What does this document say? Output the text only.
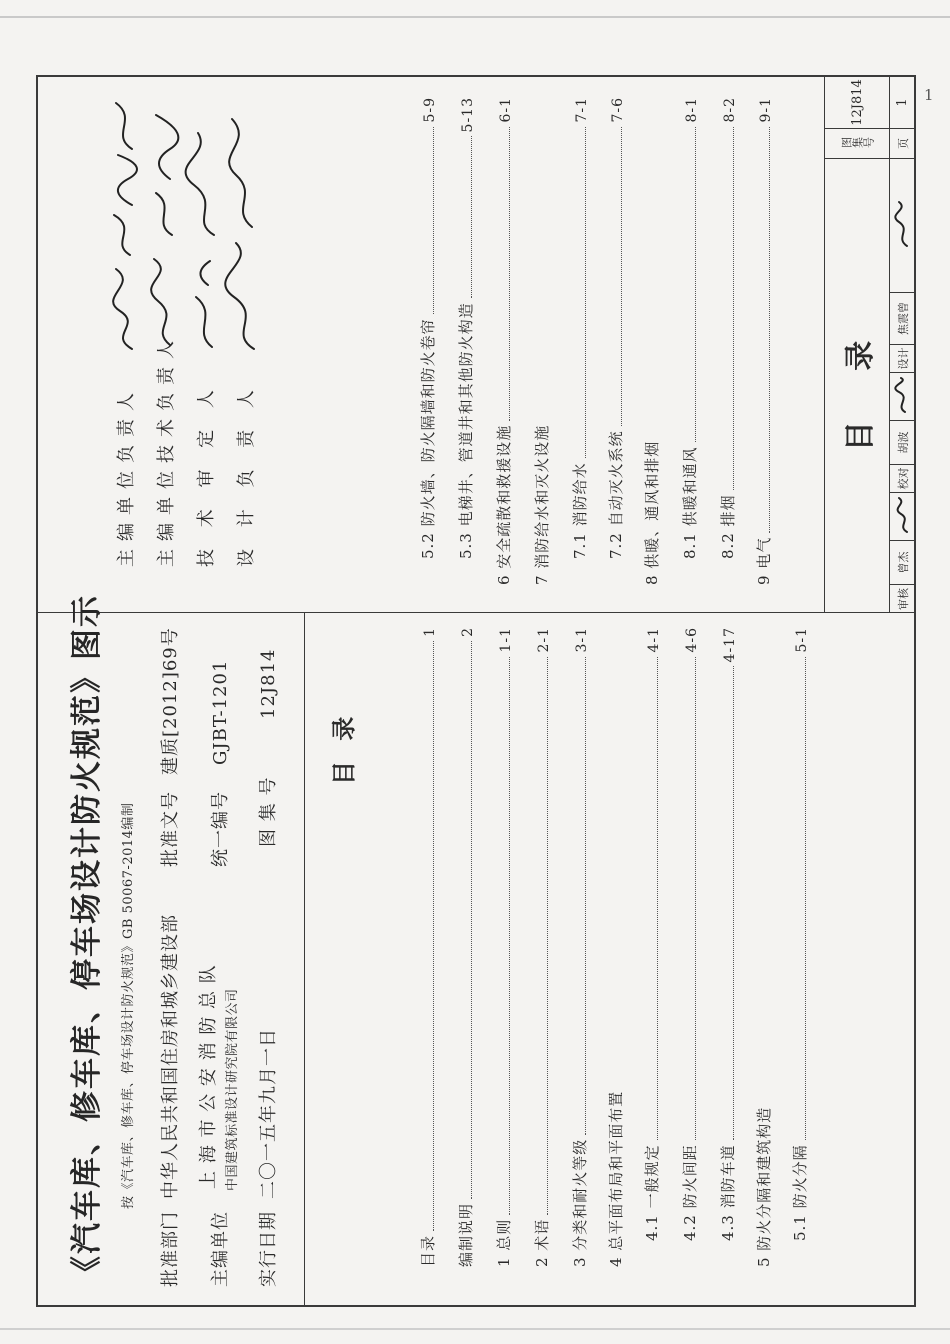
1
《汽车库、修车库、停车场设计防火规范》图示 按《汽车库、修车库、停车场设计防火规范》GB 50067-2014编制
批准部门
中华人民共和国住房和城乡建设部
批准文号
建质[2012]69号
主编单位
上 海 市 公 安 消 防 总 队 中国建筑标准设计研究院有限公司
统一编号
GJBT-1201
实行日期
二〇一五年九月一日
图 集 号
12J814
目 录
目录
1
编制说明
2
1 总则
1-1
2 术语
2-1
3 分类和耐火等级
3-1
4 总平面布局和平面布置 4.1 一般规定
4-1
4.2 防火间距
4-6
4.3 消防车道
4-17
5 防火分隔和建筑构造 5.1 防火分隔
5-1
5.2 防火墙、防火隔墙和防火卷帘
5-9
5.3 电梯井、管道井和其他防火构造
5-13
6 安全疏散和救援设施
6-1
7 消防给水和灭火设施 7.1 消防给水
7-1
7.2 自动灭火系统
7-6
8 供暖、通风和排烟 8.1 供暖和通风
8-1
8.2 排烟
8-2
9 电气
9-1
主编单位负责人 主编单位技术负责人 技 术 审 定 人 设 计 负 责 人	目 录
图集号
12J814
审核
曾杰
校对
胡波
设计
焦震曾
页
1
